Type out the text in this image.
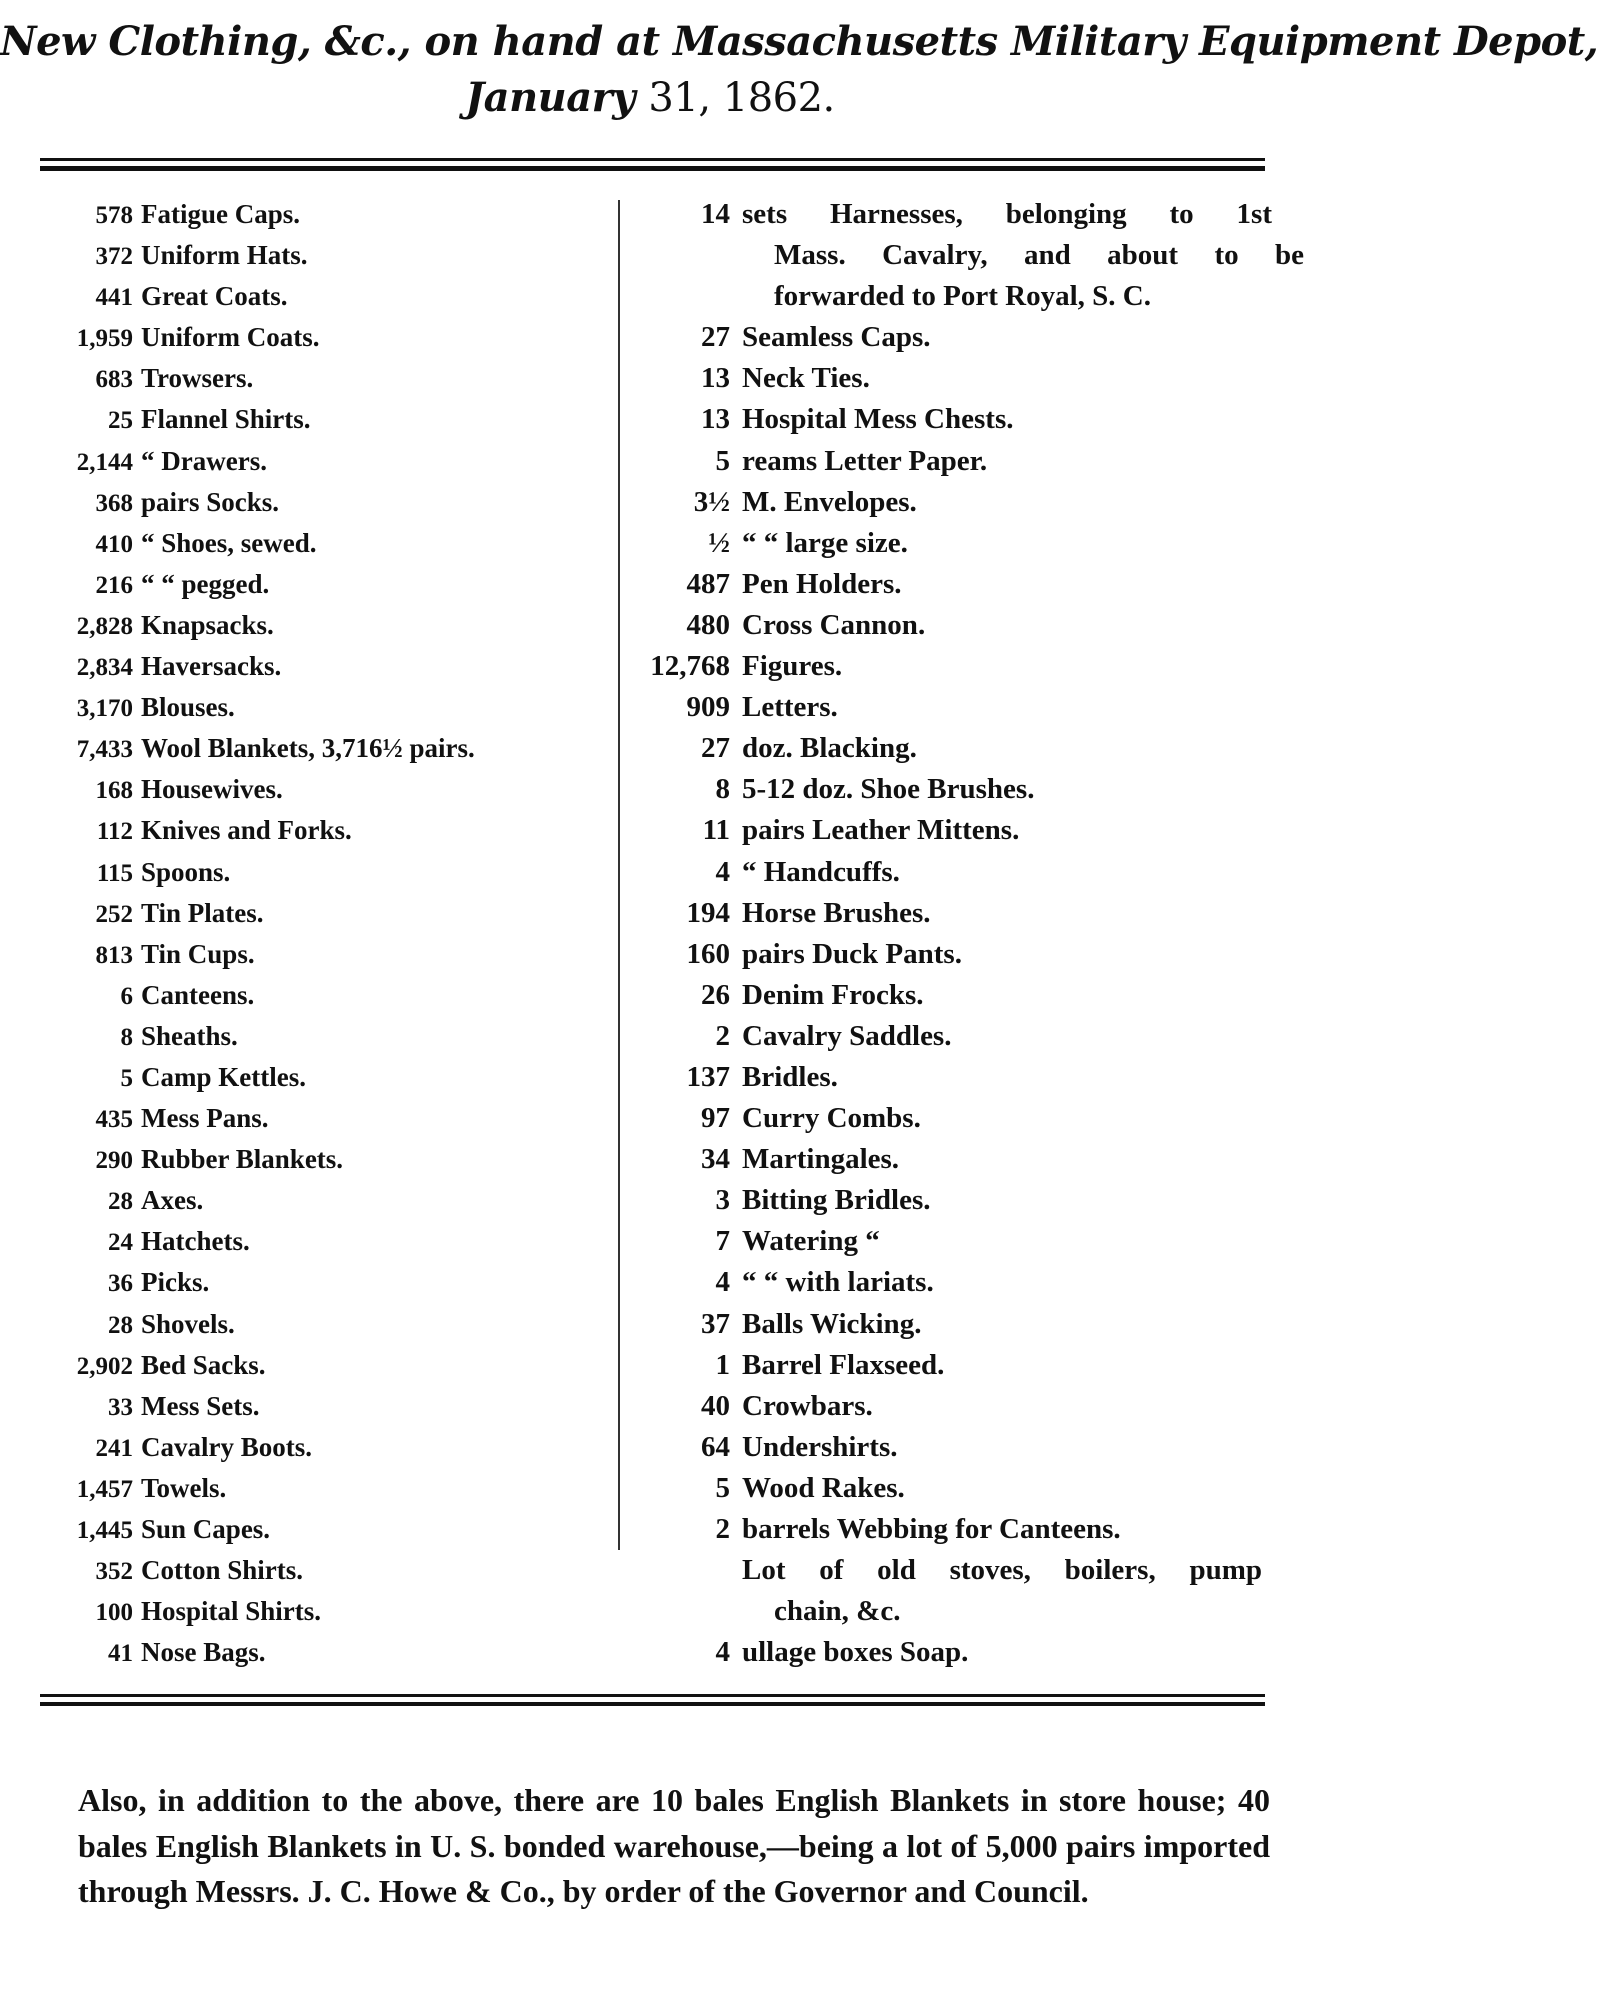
New Clothing, &c., on hand at Massachusetts Military Equipment Depot,
January 31, 1862.
578 Fatigue Caps.
372 Uniform Hats.
441 Great Coats.
1,959 Uniform Coats.
683 Trowsers.
25 Flannel Shirts.
2,144 “ Drawers.
368 pairs Socks.
410 “ Shoes, sewed.
216 “ “ pegged.
2,828 Knapsacks.
2,834 Haversacks.
3,170 Blouses.
7,433 Wool Blankets, 3,716½ pairs.
168 Housewives.
112 Knives and Forks.
115 Spoons.
252 Tin Plates.
813 Tin Cups.
6 Canteens.
8 Sheaths.
5 Camp Kettles.
435 Mess Pans.
290 Rubber Blankets.
28 Axes.
24 Hatchets.
36 Picks.
28 Shovels.
2,902 Bed Sacks.
33 Mess Sets.
241 Cavalry Boots.
1,457 Towels.
1,445 Sun Capes.
352 Cotton Shirts.
100 Hospital Shirts.
41 Nose Bags.
14 sets Harnesses, belonging to 1st
Mass. Cavalry, and about to be
forwarded to Port Royal, S. C.
27 Seamless Caps.
13 Neck Ties.
13 Hospital Mess Chests.
5 reams Letter Paper.
3½ M. Envelopes.
½ “ “ large size.
487 Pen Holders.
480 Cross Cannon.
12,768 Figures.
909 Letters.
27 doz. Blacking.
8 5-12 doz. Shoe Brushes.
11 pairs Leather Mittens.
4 “ Handcuffs.
194 Horse Brushes.
160 pairs Duck Pants.
26 Denim Frocks.
2 Cavalry Saddles.
137 Bridles.
97 Curry Combs.
34 Martingales.
3 Bitting Bridles.
7 Watering “
4 “ “ with lariats.
37 Balls Wicking.
1 Barrel Flaxseed.
40 Crowbars.
64 Undershirts.
5 Wood Rakes.
2 barrels Webbing for Canteens.
Lot of old stoves, boilers, pump
chain, &c.
4 ullage boxes Soap.

Also, in addition to the above, there are 10 bales English Blankets in store house; 40 bales English Blankets in U. S. bonded warehouse,—being a lot of 5,000 pairs imported through Messrs. J. C. Howe & Co., by order of the Governor and Council.
